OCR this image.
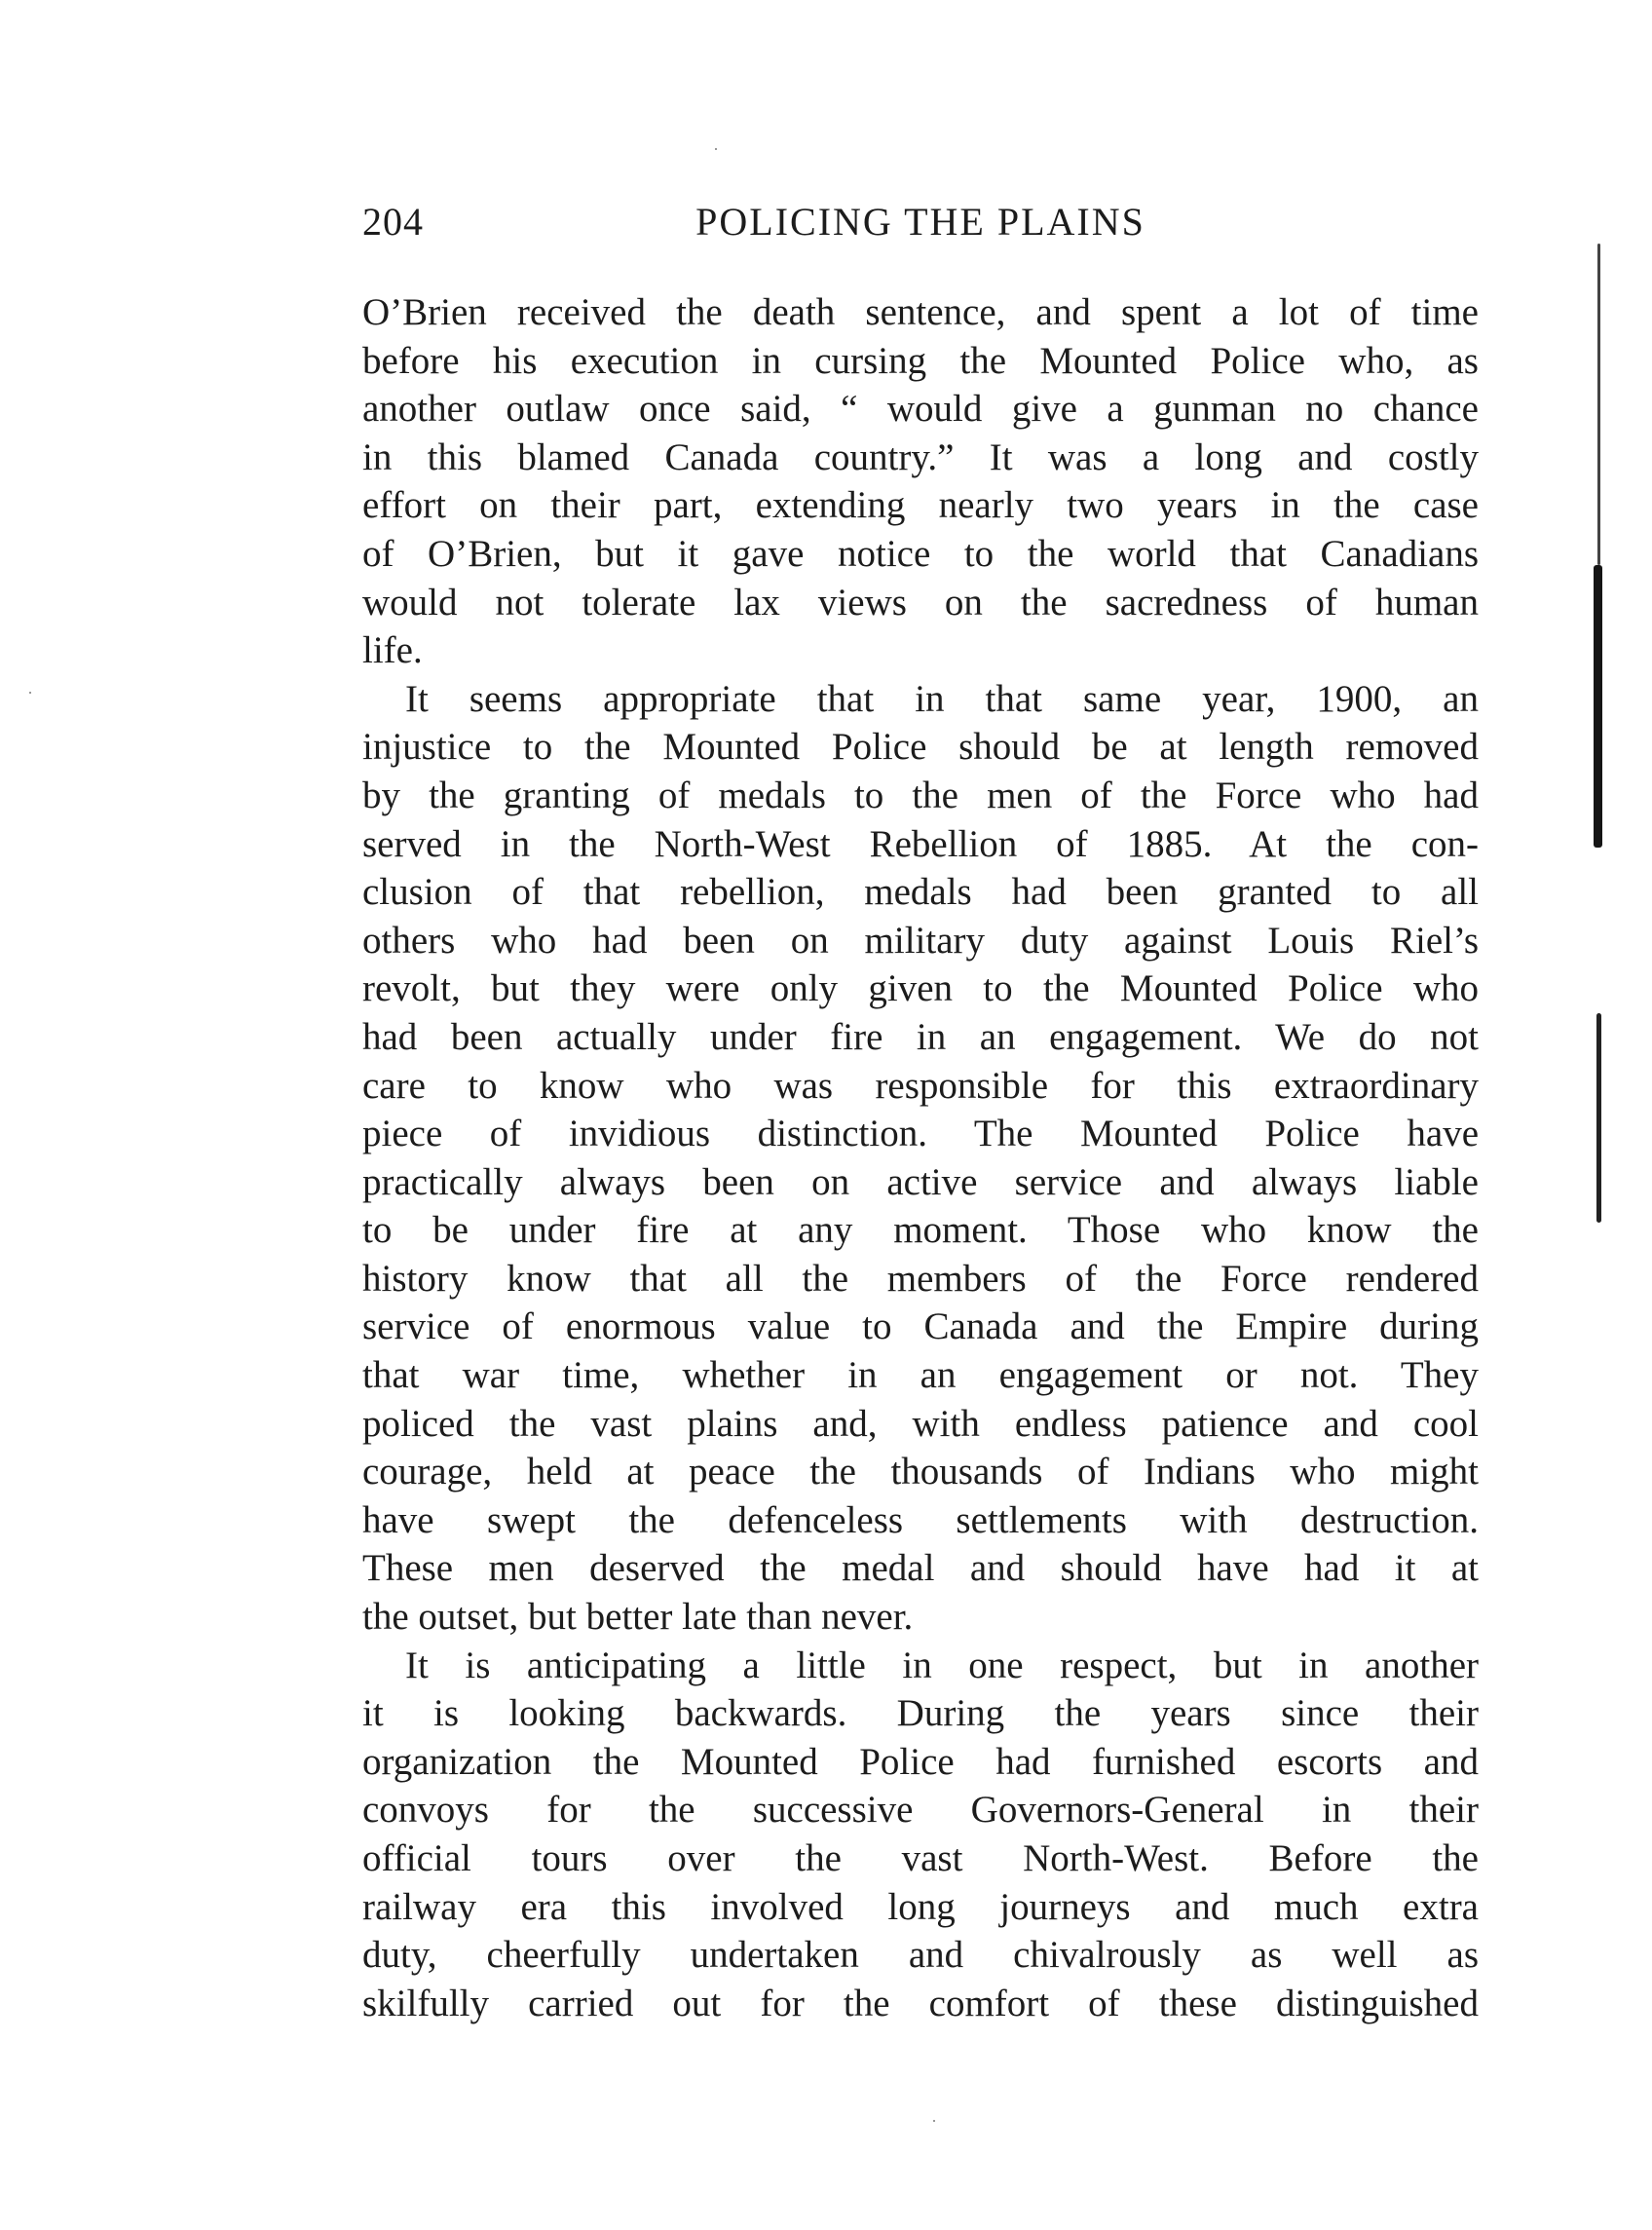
204	POLICING THE PLAINS
O’Brien received the death sentence, and spent a lot of time
before his execution in cursing the Mounted Police who, as
another outlaw once said, “ would give a gunman no chance
in this blamed Canada country.” It was a long and costly
effort on their part, extending nearly two years in the case
of O’Brien, but it gave notice to the world that Canadians
would not tolerate lax views on the sacredness of human
life.
It seems appropriate that in that same year, 1900, an
injustice to the Mounted Police should be at length removed
by the granting of medals to the men of the Force who had
served in the North-West Rebellion of 1885. At the con-
clusion of that rebellion, medals had been granted to all
others who had been on military duty against Louis Riel’s
revolt, but they were only given to the Mounted Police who
had been actually under fire in an engagement. We do not
care to know who was responsible for this extraordinary
piece of invidious distinction. The Mounted Police have
practically always been on active service and always liable
to be under fire at any moment. Those who know the
history know that all the members of the Force rendered
service of enormous value to Canada and the Empire during
that war time, whether in an engagement or not. They
policed the vast plains and, with endless patience and cool
courage, held at peace the thousands of Indians who might
have swept the defenceless settlements with destruction.
These men deserved the medal and should have had it at
the outset, but better late than never.
It is anticipating a little in one respect, but in another
it is looking backwards. During the years since their
organization the Mounted Police had furnished escorts and
convoys for the successive Governors-General in their
official tours over the vast North-West. Before the
railway era this involved long journeys and much extra
duty, cheerfully undertaken and chivalrously as well as
skilfully carried out for the comfort of these distinguished
